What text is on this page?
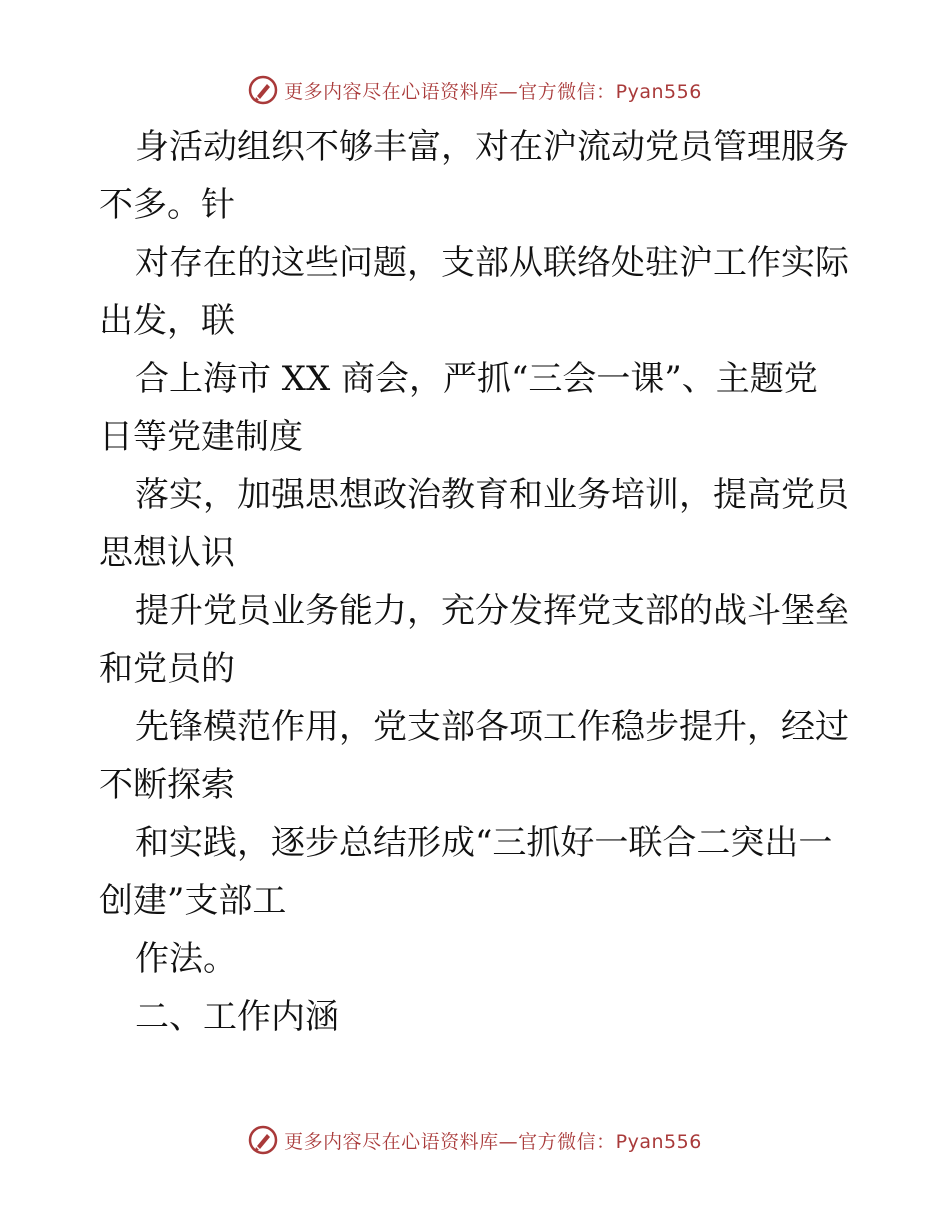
更多内容尽在心语资料库—官方微信：Pyan556
身活动组织不够丰富，对在沪流动党员管理服务
不多。针
对存在的这些问题，支部从联络处驻沪工作实际
出发，联
合上海市 XX 商会，严抓“三会一课”、主题党
日等党建制度
落实，加强思想政治教育和业务培训，提高党员
思想认识
提升党员业务能力，充分发挥党支部的战斗堡垒
和党员的
先锋模范作用，党支部各项工作稳步提升，经过
不断探索
和实践，逐步总结形成“三抓好一联合二突出一
创建”支部工
作法。
二、工作内涵
更多内容尽在心语资料库—官方微信：Pyan556
